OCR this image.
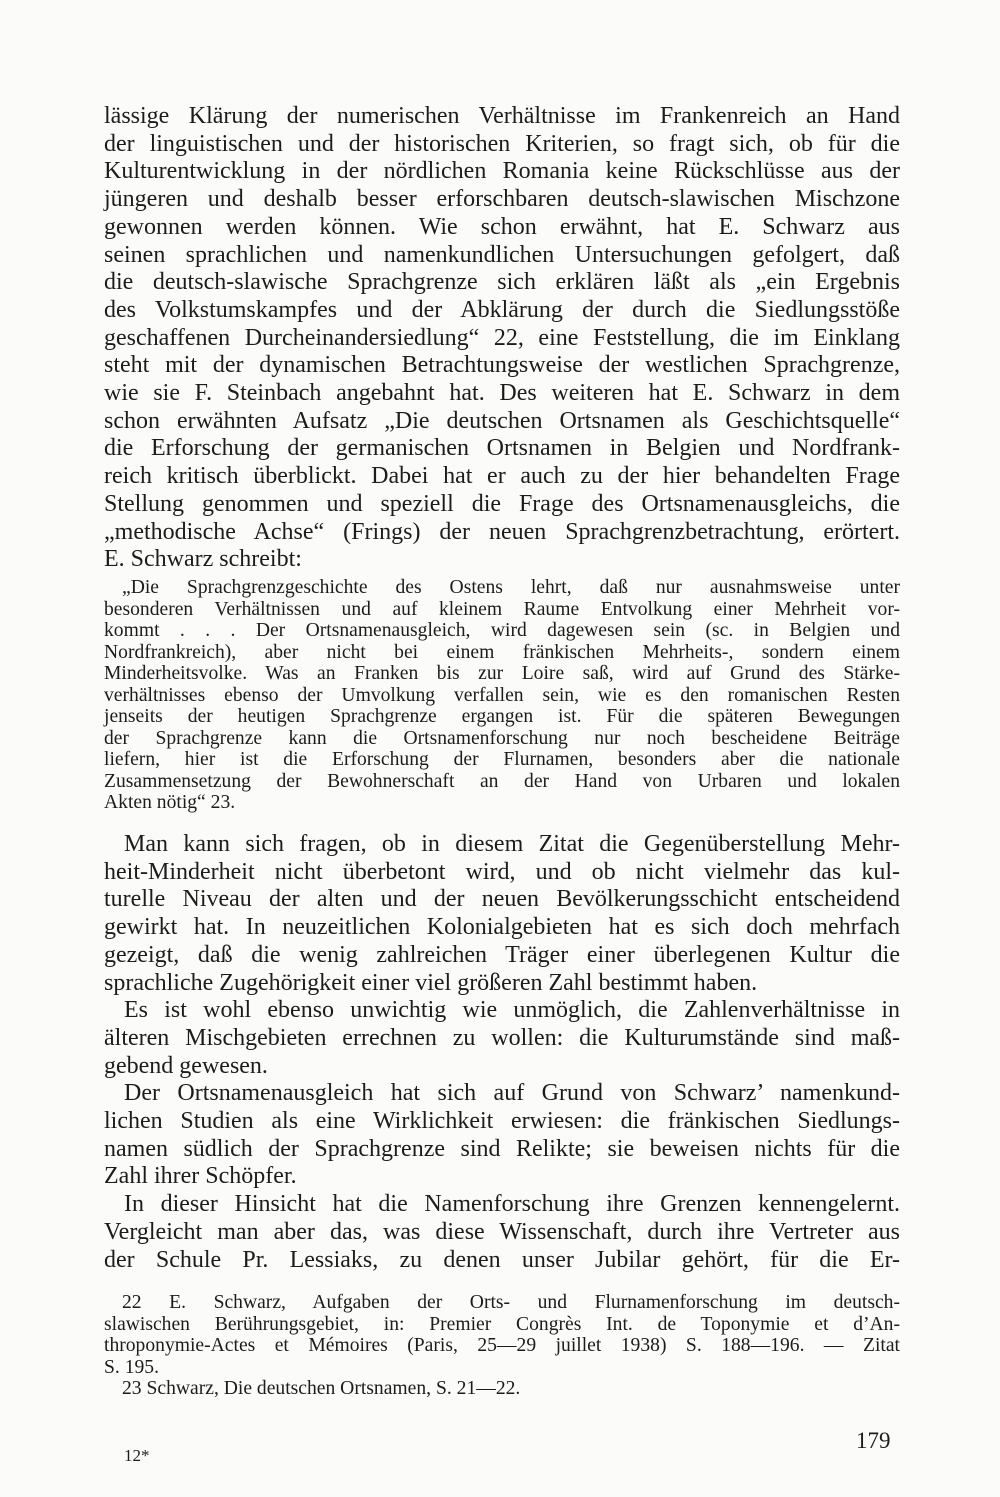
lässige Klärung der numerischen Verhältnisse im Frankenreich an Hand
der linguistischen und der historischen Kriterien, so fragt sich, ob für die
Kulturentwicklung in der nördlichen Romania keine Rückschlüsse aus der
jüngeren und deshalb besser erforschbaren deutsch-slawischen Mischzone
gewonnen werden können. Wie schon erwähnt, hat E. Schwarz aus
seinen sprachlichen und namenkundlichen Untersuchungen gefolgert, daß
die deutsch-slawische Sprachgrenze sich erklären läßt als „ein Ergebnis
des Volkstumskampfes und der Abklärung der durch die Siedlungsstöße
geschaffenen Durcheinandersiedlung“ 22, eine Feststellung, die im Einklang
steht mit der dynamischen Betrachtungsweise der westlichen Sprachgrenze,
wie sie F. Steinbach angebahnt hat. Des weiteren hat E. Schwarz in dem
schon erwähnten Aufsatz „Die deutschen Ortsnamen als Geschichtsquelle“
die Erforschung der germanischen Ortsnamen in Belgien und Nordfrank-
reich kritisch überblickt. Dabei hat er auch zu der hier behandelten Frage
Stellung genommen und speziell die Frage des Ortsnamenausgleichs, die
„methodische Achse“ (Frings) der neuen Sprachgrenzbetrachtung, erörtert.
E. Schwarz schreibt:
„Die Sprachgrenzgeschichte des Ostens lehrt, daß nur ausnahmsweise unter
besonderen Verhältnissen und auf kleinem Raume Entvolkung einer Mehrheit vor-
kommt . . . Der Ortsnamenausgleich, wird dagewesen sein (sc. in Belgien und
Nordfrankreich), aber nicht bei einem fränkischen Mehrheits-, sondern einem
Minderheitsvolke. Was an Franken bis zur Loire saß, wird auf Grund des Stärke-
verhältnisses ebenso der Umvolkung verfallen sein, wie es den romanischen Resten
jenseits der heutigen Sprachgrenze ergangen ist. Für die späteren Bewegungen
der Sprachgrenze kann die Ortsnamenforschung nur noch bescheidene Beiträge
liefern, hier ist die Erforschung der Flurnamen, besonders aber die nationale
Zusammensetzung der Bewohnerschaft an der Hand von Urbaren und lokalen
Akten nötig“ 23.
Man kann sich fragen, ob in diesem Zitat die Gegenüberstellung Mehr-
heit-Minderheit nicht überbetont wird, und ob nicht vielmehr das kul-
turelle Niveau der alten und der neuen Bevölkerungsschicht entscheidend
gewirkt hat. In neuzeitlichen Kolonialgebieten hat es sich doch mehrfach
gezeigt, daß die wenig zahlreichen Träger einer überlegenen Kultur die
sprachliche Zugehörigkeit einer viel größeren Zahl bestimmt haben.
Es ist wohl ebenso unwichtig wie unmöglich, die Zahlenverhältnisse in
älteren Mischgebieten errechnen zu wollen: die Kulturumstände sind maß-
gebend gewesen.
Der Ortsnamenausgleich hat sich auf Grund von Schwarz’ namenkund-
lichen Studien als eine Wirklichkeit erwiesen: die fränkischen Siedlungs-
namen südlich der Sprachgrenze sind Relikte; sie beweisen nichts für die
Zahl ihrer Schöpfer.
In dieser Hinsicht hat die Namenforschung ihre Grenzen kennengelernt.
Vergleicht man aber das, was diese Wissenschaft, durch ihre Vertreter aus
der Schule Pr. Lessiaks, zu denen unser Jubilar gehört, für die Er-
22 E. Schwarz, Aufgaben der Orts- und Flurnamenforschung im deutsch-
slawischen Berührungsgebiet, in: Premier Congrès Int. de Toponymie et d’An-
throponymie-Actes et Mémoires (Paris, 25—29 juillet 1938) S. 188—196. — Zitat
S. 195.
23 Schwarz, Die deutschen Ortsnamen, S. 21—22.
179
12*
